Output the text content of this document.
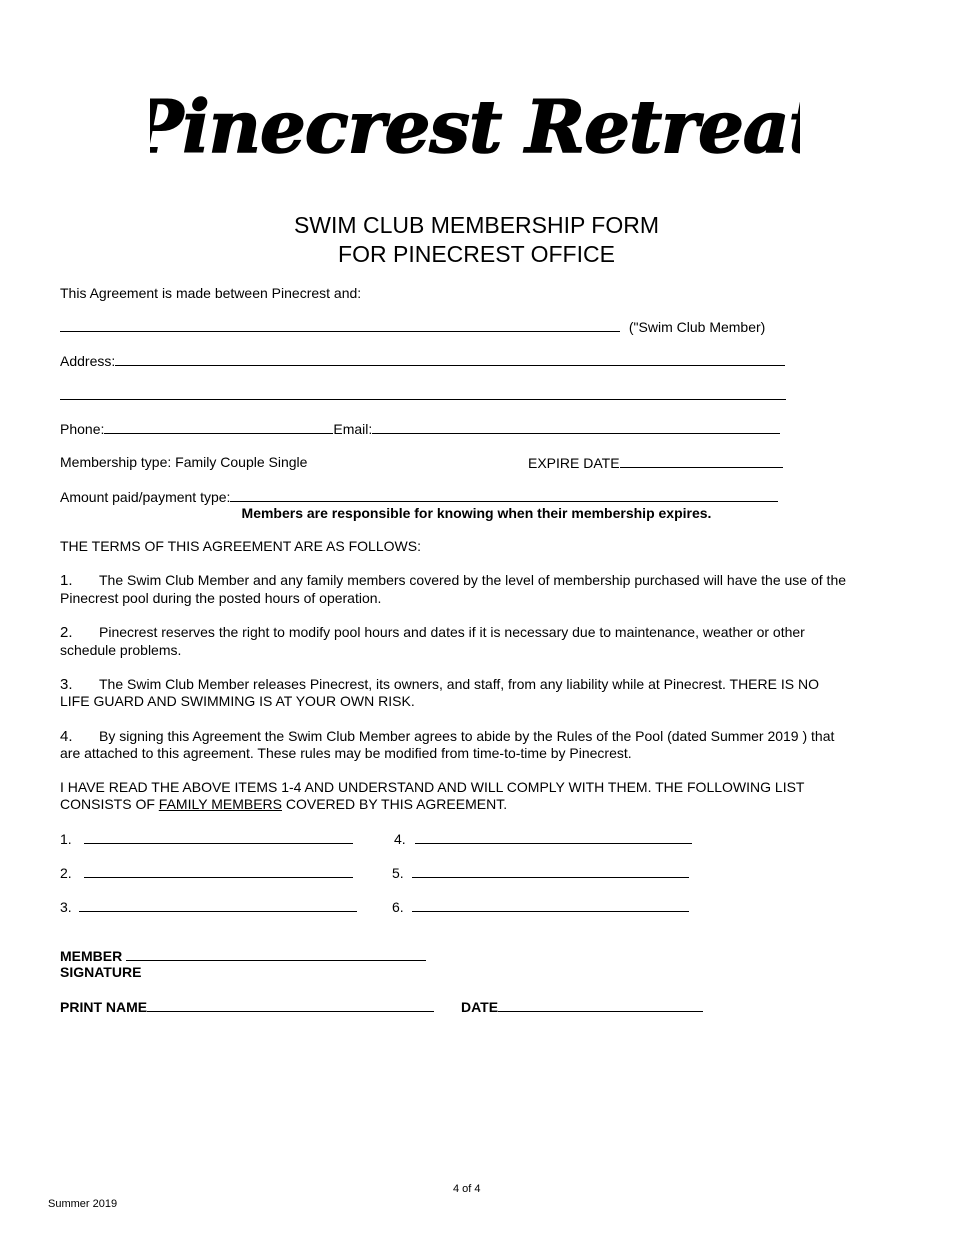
Pinecrest Retreat
SWIM CLUB MEMBERSHIP FORM
FOR PINECREST OFFICE
This Agreement is made between Pinecrest and:
("Swim Club Member)
Address:
Phone:	Email:
Membership type: Family Couple Single	EXPIRE DATE
Amount paid/payment type:
Members are responsible for knowing when their membership expires.
THE TERMS OF THIS AGREEMENT ARE AS FOLLOWS:
1. The Swim Club Member and any family members covered by the level of membership purchased will have the use of the
Pinecrest pool during the posted hours of operation.
2. Pinecrest reserves the right to modify pool hours and dates if it is necessary due to maintenance, weather or other
schedule problems.
3. The Swim Club Member releases Pinecrest, its owners, and staff, from any liability while at Pinecrest. THERE IS NO
LIFE GUARD AND SWIMMING IS AT YOUR OWN RISK.
4. By signing this Agreement the Swim Club Member agrees to abide by the Rules of the Pool (dated Summer 2019 ) that
are attached to this agreement. These rules may be modified from time-to-time by Pinecrest.
I HAVE READ THE ABOVE ITEMS 1-4 AND UNDERSTAND AND WILL COMPLY WITH THEM. THE FOLLOWING LIST
CONSISTS OF FAMILY MEMBERS COVERED BY THIS AGREEMENT.
1.
2.
3.
4.
5.
6.
MEMBER
SIGNATURE
PRINT NAME	DATE
4 of 4
Summer 2019
